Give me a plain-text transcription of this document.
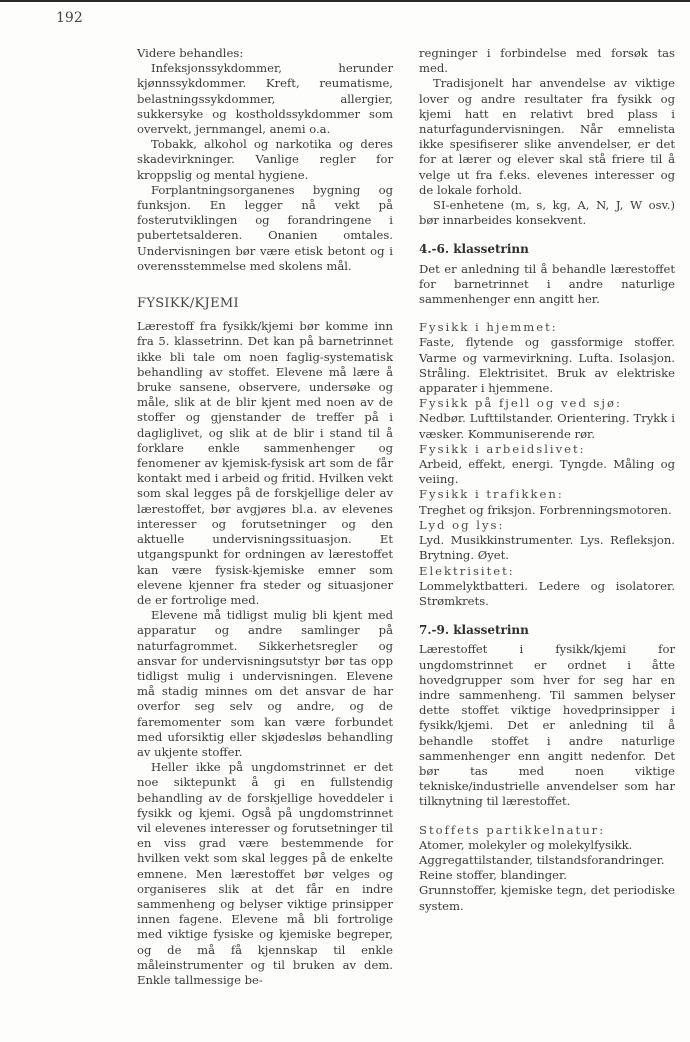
192

Videre behandles:

Infeksjonssykdommer, herunder kjønnssykdommer. Kreft, reumatisme, belastningssykdommer, allergier, sukkersyke og kostholdssykdommer som overvekt, jernmangel, anemi o.a.

Tobakk, alkohol og narkotika og deres skadevirkninger. Vanlige regler for kroppslig og mental hygiene.

Forplantningsorganenes bygning og funksjon. En legger nå vekt på fosterutviklingen og forandringene i pubertetsalderen. Onanien omtales. Undervisningen bør være etisk betont og i overensstemmelse med skolens mål.

FYSIKK/KJEMI

Lærestoff fra fysikk/kjemi bør komme inn fra 5. klassetrinn. Det kan på barnetrinnet ikke bli tale om noen faglig-systematisk behandling av stoffet. Elevene må lære å bruke sansene, observere, undersøke og måle, slik at de blir kjent med noen av de stoffer og gjenstander de treffer på i dagliglivet, og slik at de blir i stand til å forklare enkle sammenhenger og fenomener av kjemisk-fysisk art som de får kontakt med i arbeid og fritid. Hvilken vekt som skal legges på de forskjellige deler av lærestoffet, bør avgjøres bl.a. av elevenes interesser og forutsetninger og den aktuelle undervisningssituasjon. Et utgangspunkt for ordningen av lærestoffet kan være fysisk-kjemiske emner som elevene kjenner fra steder og situasjoner de er fortrolige med.

Elevene må tidligst mulig bli kjent med apparatur og andre samlinger på naturfagrommet. Sikkerhetsregler og ansvar for undervisningsutstyr bør tas opp tidligst mulig i undervisningen. Elevene må stadig minnes om det ansvar de har overfor seg selv og andre, og de faremomenter som kan være forbundet med uforsiktig eller skjødesløs behandling av ukjente stoffer.

Heller ikke på ungdomstrinnet er det noe siktepunkt å gi en fullstendig behandling av de forskjellige hoveddeler i fysikk og kjemi. Også på ungdomstrinnet vil elevenes interesser og forutsetninger til en viss grad være bestemmende for hvilken vekt som skal legges på de enkelte emnene. Men lærestoffet bør velges og organiseres slik at det får en indre sammenheng og belyser viktige prinsipper innen fagene. Elevene må bli fortrolige med viktige fysiske og kjemiske begreper, og de må få kjennskap til enkle måleinstrumenter og til bruken av dem. Enkle tallmessige be-

regninger i forbindelse med forsøk tas med.

Tradisjonelt har anvendelse av viktige lover og andre resultater fra fysikk og kjemi hatt en relativt bred plass i naturfagundervisningen. Når emnelista ikke spesifiserer slike anvendelser, er det for at lærer og elever skal stå friere til å velge ut fra f.eks. elevenes interesser og de lokale forhold.

SI-enhetene (m, s, kg, A, N, J, W osv.) bør innarbeides konsekvent.

4.-6. klassetrinn

Det er anledning til å behandle lærestoffet for barnetrinnet i andre naturlige sammenhenger enn angitt her.

Fysikk i hjemmet:

Faste, flytende og gassformige stoffer. Varme og varmevirkning. Lufta. Isolasjon. Stråling. Elektrisitet. Bruk av elektriske apparater i hjemmene.

Fysikk på fjell og ved sjø:

Nedbør. Lufttilstander. Orientering. Trykk i væsker. Kommuniserende rør.

Fysikk i arbeidslivet:

Arbeid, effekt, energi. Tyngde. Måling og veiing.

Fysikk i trafikken:

Treghet og friksjon. Forbrenningsmotoren.

Lyd og lys:

Lyd. Musikkinstrumenter. Lys. Refleksjon. Brytning. Øyet.

Elektrisitet:

Lommelyktbatteri. Ledere og isolatorer. Strømkrets.

7.-9. klassetrinn

Lærestoffet i fysikk/kjemi for ungdomstrinnet er ordnet i åtte hovedgrupper som hver for seg har en indre sammenheng. Til sammen belyser dette stoffet viktige hovedprinsipper i fysikk/kjemi. Det er anledning til å behandle stoffet i andre naturlige sammenhenger enn angitt nedenfor. Det bør tas med noen viktige tekniske/industrielle anvendelser som har tilknytning til lærestoffet.

Stoffets partikkelnatur:
Atomer, molekyler og molekylfysikk.
Aggregattilstander, tilstandsforandringer.
Reine stoffer, blandinger.

Grunnstoffer, kjemiske tegn, det periodiske system.
